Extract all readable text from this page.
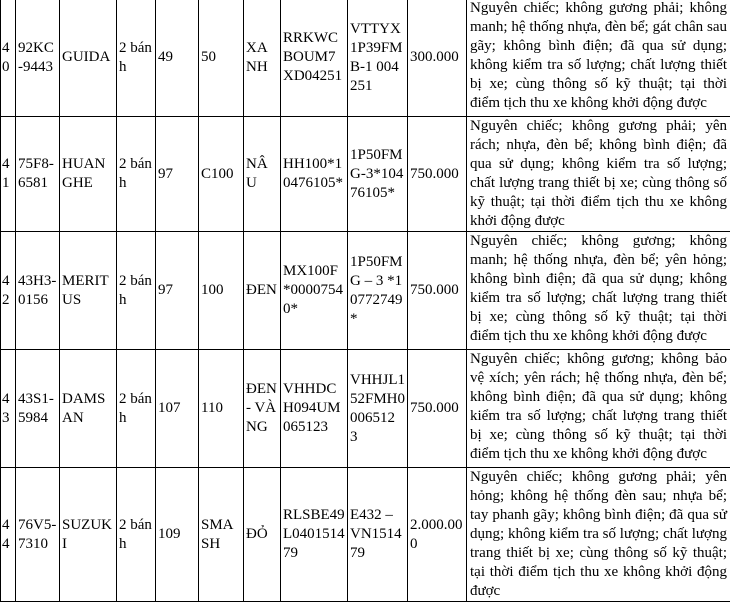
40	92KC-9443	GUIDA	2 bánh	49	50	XANH	RRKWCBOUM7XD04251	VTTYX1P39FMB-1 004251	300.000	Nguyên chiếc; không gương phải; không manh; hệ thống nhựa, đèn bể; gát chân sau gãy; không bình điện; đã qua sử dụng; không kiểm tra số lượng; chất lượng thiết bị xe; cùng thông số kỹ thuật; tại thời điểm tịch thu xe không khởi động được
41	75F8-6581	HUANGHE	2 bánh	97	C100	NÂU	HH100*10476105*	1P50FMG-3*10476105*	750.000	Nguyên chiếc; không gương phải; yên rách; nhựa, đèn bể; không bình điện; đã qua sử dụng; không kiểm tra số lượng; chất lượng trang thiết bị xe; cùng thông số kỹ thuật; tại thời điểm tịch thu xe không khởi động được
42	43H3-0156	MERITUS	2 bánh	97	100	ĐEN	MX100F*00007540*	1P50FMG – 3 *10772749*	750.000	Nguyên chiếc; không gương; không manh; hệ thống nhựa, đèn bể; yên hỏng; không bình điện; đã qua sử dụng; không kiểm tra số lượng; chất lượng trang thiết bị xe; cùng thông số kỹ thuật; tại thời điểm tịch thu xe không khởi động được
43	43S1-5984	DAMSAN	2 bánh	107	110	ĐEN - VÀNG	VHHDCH094UM065123	VHHJL152FMH0006512 3	750.000	Nguyên chiếc; không gương; không bảo vệ xích; yên rách; hệ thống nhựa, đèn bể; không bình điện; đã qua sử dụng; không kiểm tra số lượng; chất lượng trang thiết bị xe; cùng thông số kỹ thuật; tại thời điểm tịch thu xe không khởi động được
44	76V5-7310	SUZUKI	2 bánh	109	SMASH	ĐỎ	RLSBE49L040151479	E432 – VN151479	2.000.000	Nguyên chiếc; không gương phải; yên hỏng; không hệ thống đèn sau; nhựa bể; tay phanh gãy; không bình điện; đã qua sử dụng; không kiểm tra số lượng; chất lượng trang thiết bị xe; cùng thông số kỹ thuật; tại thời điểm tịch thu xe không khởi động được
